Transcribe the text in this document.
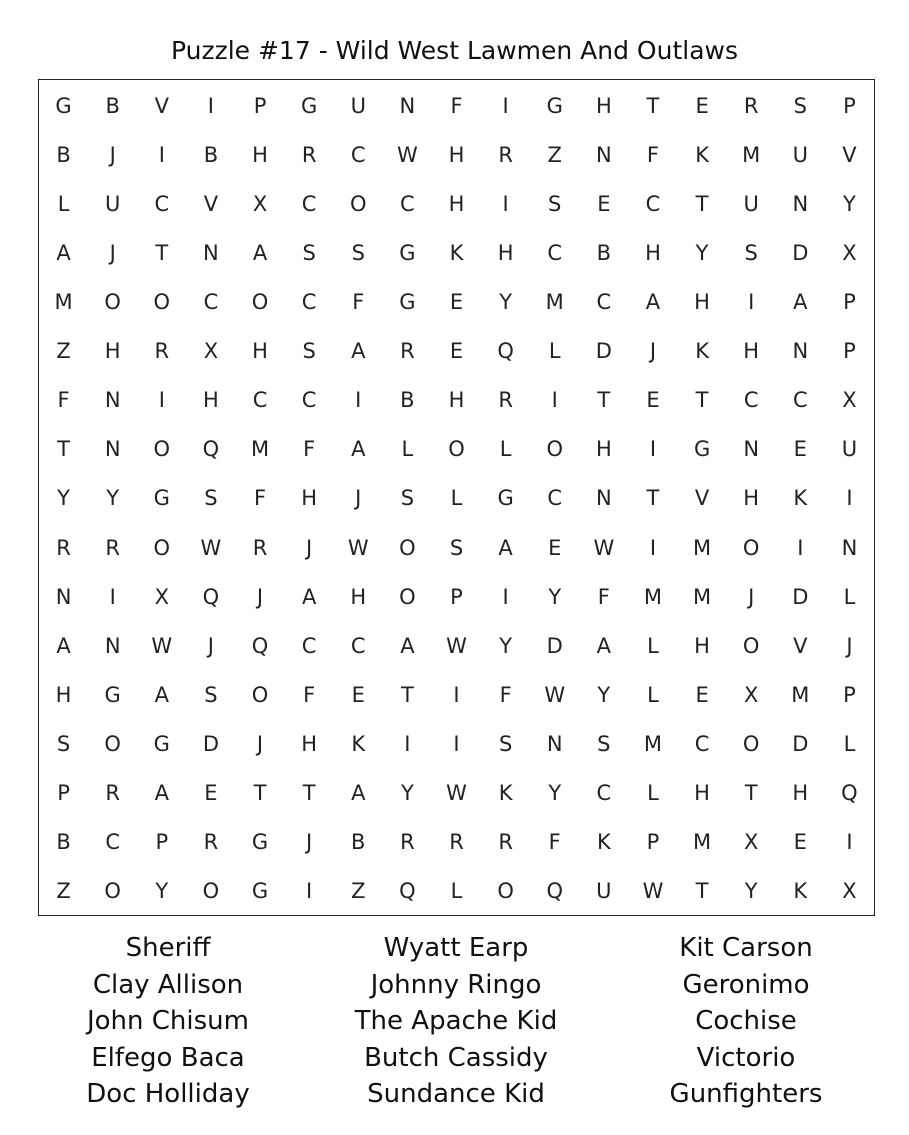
Puzzle #17 - Wild West Lawmen And Outlaws
G	B	V	I	P	G	U	N	F	I	G	H	T	E	R	S	P
B	J	I	B	H	R	C	W	H	R	Z	N	F	K	M	U	V
L	U	C	V	X	C	O	C	H	I	S	E	C	T	U	N	Y
A	J	T	N	A	S	S	G	K	H	C	B	H	Y	S	D	X
M	O	O	C	O	C	F	G	E	Y	M	C	A	H	I	A	P
Z	H	R	X	H	S	A	R	E	Q	L	D	J	K	H	N	P
F	N	I	H	C	C	I	B	H	R	I	T	E	T	C	C	X
T	N	O	Q	M	F	A	L	O	L	O	H	I	G	N	E	U
Y	Y	G	S	F	H	J	S	L	G	C	N	T	V	H	K	I
R	R	O	W	R	J	W	O	S	A	E	W	I	M	O	I	N
N	I	X	Q	J	A	H	O	P	I	Y	F	M	M	J	D	L
A	N	W	J	Q	C	C	A	W	Y	D	A	L	H	O	V	J
H	G	A	S	O	F	E	T	I	F	W	Y	L	E	X	M	P
S	O	G	D	J	H	K	I	I	S	N	S	M	C	O	D	L
P	R	A	E	T	T	A	Y	W	K	Y	C	L	H	T	H	Q
B	C	P	R	G	J	B	R	R	R	F	K	P	M	X	E	I
Z	O	Y	O	G	I	Z	Q	L	O	Q	U	W	T	Y	K	X
Sheriff
Clay Allison
John Chisum
Elfego Baca
Doc Holliday
Wyatt Earp
Johnny Ringo
The Apache Kid
Butch Cassidy
Sundance Kid
Kit Carson
Geronimo
Cochise
Victorio
Gunfighters
